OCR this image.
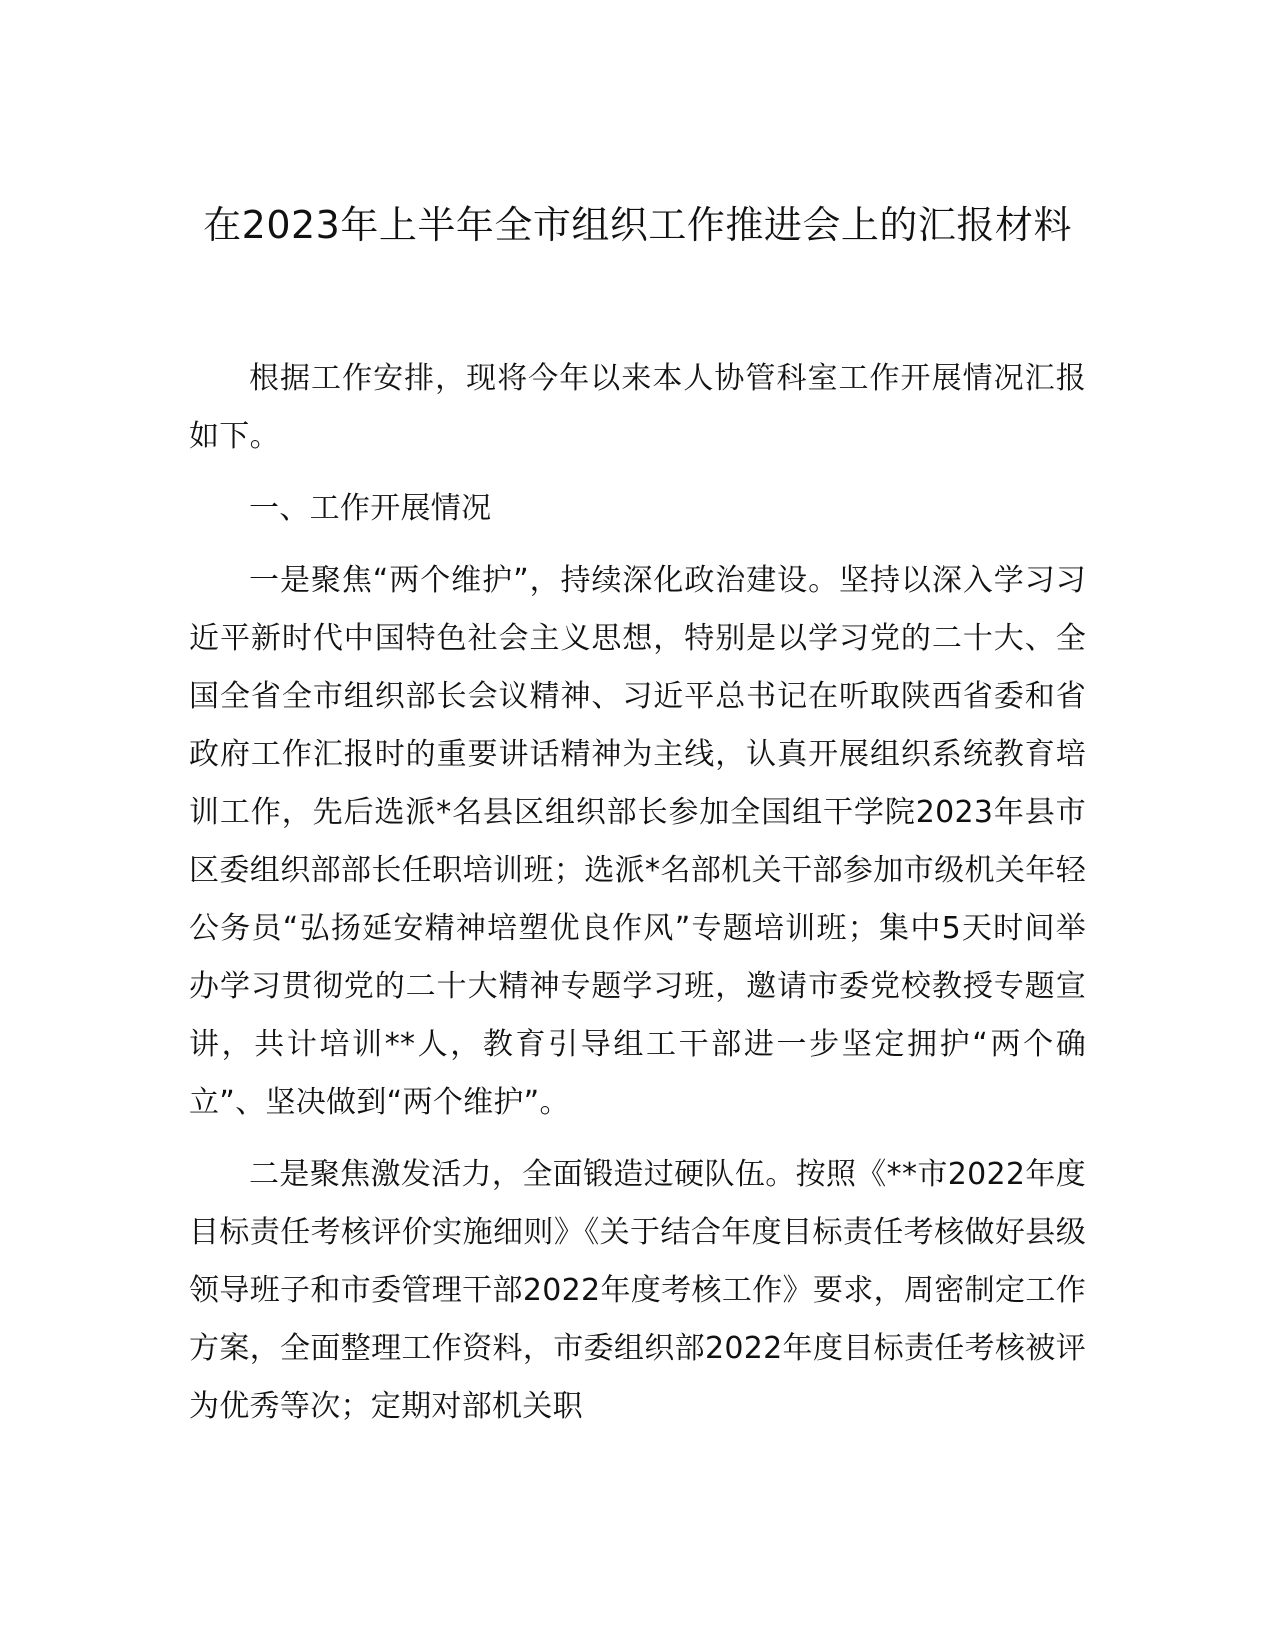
在2023年上半年全市组织工作推进会上的汇报材料

根据工作安排，现将今年以来本人协管科室工作开展情况汇报如下。

一、工作开展情况

一是聚焦“两个维护”，持续深化政治建设。坚持以深入学习习近平新时代中国特色社会主义思想，特别是以学习党的二十大、全国全省全市组织部长会议精神、习近平总书记在听取陕西省委和省政府工作汇报时的重要讲话精神为主线，认真开展组织系统教育培训工作，先后选派*名县区组织部长参加全国组干学院2023年县市区委组织部部长任职培训班；选派*名部机关干部参加市级机关年轻公务员“弘扬延安精神培塑优良作风”专题培训班；集中5天时间举办学习贯彻党的二十大精神专题学习班，邀请市委党校教授专题宣讲，共计培训**人，教育引导组工干部进一步坚定拥护“两个确立”、坚决做到“两个维护”。

二是聚焦激发活力，全面锻造过硬队伍。按照《**市2022年度目标责任考核评价实施细则》《关于结合年度目标责任考核做好县级领导班子和市委管理干部2022年度考核工作》要求，周密制定工作方案，全面整理工作资料，市委组织部2022年度目标责任考核被评为优秀等次；定期对部机关职
